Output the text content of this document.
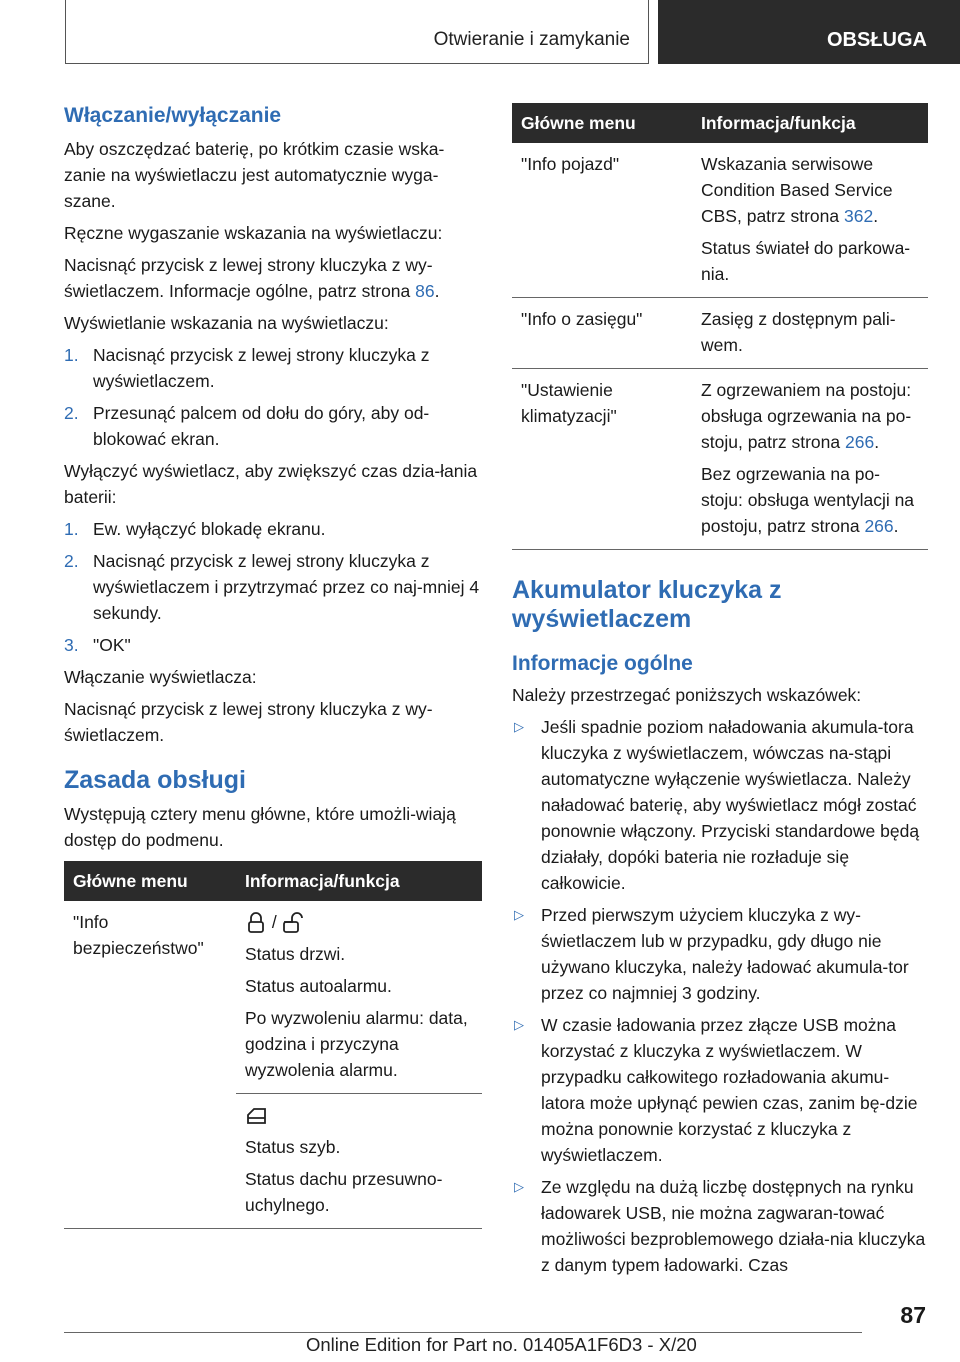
Otwieranie i zamykanie	OBSŁUGA
Włączanie/wyłączanie

Aby oszczędzać baterię, po krótkim czasie wska-zanie na wyświetlaczu jest automatycznie wyga-szane.

Ręczne wygaszanie wskazania na wyświetlaczu:

Nacisnąć przycisk z lewej strony kluczyka z wy-świetlaczem. Informacje ogólne, patrz strona 86.

Wyświetlanie wskazania na wyświetlaczu:

1. Nacisnąć przycisk z lewej strony kluczyka z wyświetlaczem.
2. Przesunąć palcem od dołu do góry, aby od-blokować ekran.

Wyłączyć wyświetlacz, aby zwiększyć czas dzia-łania baterii:

1. Ew. wyłączyć blokadę ekranu.
2. Nacisnąć przycisk z lewej strony kluczyka z wyświetlaczem i przytrzymać przez co naj-mniej 4 sekundy.
3. "OK"

Włączanie wyświetlacza:

Nacisnąć przycisk z lewej strony kluczyka z wy-świetlaczem.

Zasada obsługi

Występują cztery menu główne, które umożli-wiają dostęp do podmenu.

Główne menu	Informacja/funkcja
"Info bezpieczeństwo"	/

Status drzwi.

Status autoalarmu.

Po wyzwoleniu alarmu: data, godzina i przyczyna wyzwolenia alarmu.

	Status szyb.

Status dachu przesuwno-uchylnego.

Główne menu	Informacja/funkcja
"Info pojazd"	Wskazania serwisowe Condition Based Service CBS, patrz strona 362.

Status świateł do parkowa-nia.

"Info o zasięgu"	Zasięg z dostępnym pali-wem.

"Ustawienie klimatyzacji"	Z ogrzewaniem na postoju: obsługa ogrzewania na po-stoju, patrz strona 266.

Bez ogrzewania na po-stoju: obsługa wentylacji na postoju, patrz strona 266.

Akumulator kluczyka z wyświetlaczem
Informacje ogólne

Należy przestrzegać poniższych wskazówek:

▷ Jeśli spadnie poziom naładowania akumula-tora kluczyka z wyświetlaczem, wówczas na-stąpi automatyczne wyłączenie wyświetlacza. Należy naładować baterię, aby wyświetlacz mógł zostać ponownie włączony. Przyciski standardowe będą działały, dopóki bateria nie rozładuje się całkowicie.
▷ Przed pierwszym użyciem kluczyka z wy-świetlaczem lub w przypadku, gdy długo nie używano kluczyka, należy ładować akumula-tor przez co najmniej 3 godziny.
▷ W czasie ładowania przez złącze USB można korzystać z kluczyka z wyświetlaczem. W przypadku całkowitego rozładowania akumu-latora może upłynąć pewien czas, zanim bę-dzie można ponownie korzystać z kluczyka z wyświetlaczem.
▷ Ze względu na dużą liczbę dostępnych na rynku ładowarek USB, nie można zagwaran-tować możliwości bezproblemowego działa-nia kluczyka z danym typem ładowarki. Czas
87
Online Edition for Part no. 01405A1F6D3 - X/20
